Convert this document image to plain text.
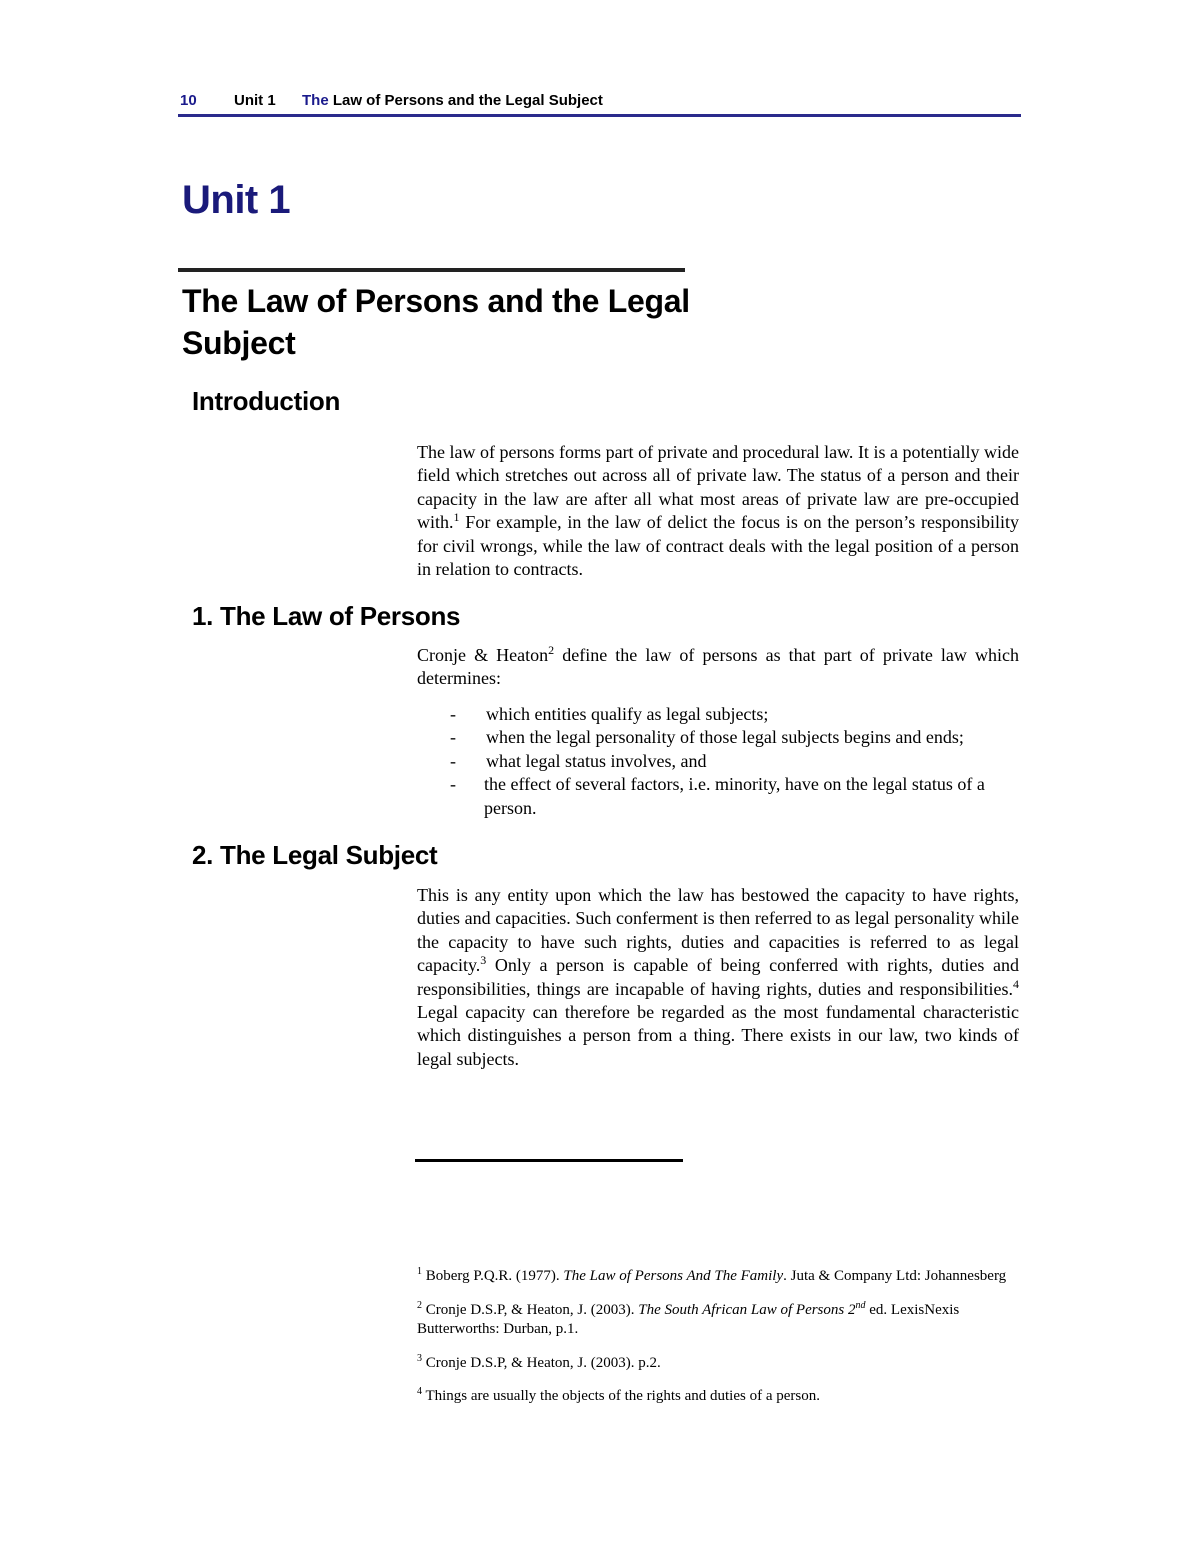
10 Unit 1 The Law of Persons and the Legal Subject
Unit 1
The Law of Persons and the Legal Subject
Introduction
The law of persons forms part of private and procedural law. It is a potentially wide field which stretches out across all of private law. The status of a person and their capacity in the law are after all what most areas of private law are pre-occupied with.$^1$ For example, in the law of delict the focus is on the person’s responsibility for civil wrongs, while the law of contract deals with the legal position of a person in relation to contracts.
1. The Law of Persons
Cronje & Heaton$^2$ define the law of persons as that part of private law which determines:
- which entities qualify as legal subjects;
- when the legal personality of those legal subjects begins and ends;
- what legal status involves, and
- the effect of several factors, i.e. minority, have on the legal status of a person.
2. The Legal Subject
This is any entity upon which the law has bestowed the capacity to have rights, duties and capacities. Such conferment is then referred to as legal personality while the capacity to have such rights, duties and capacities is referred to as legal capacity.$^3$ Only a person is capable of being conferred with rights, duties and responsibilities, things are incapable of having rights, duties and responsibilities.$^4$ Legal capacity can therefore be regarded as the most fundamental characteristic which distinguishes a person from a thing. There exists in our law, two kinds of legal subjects.
$^1$ Boberg P.Q.R. (1977). The Law of Persons And The Family. Juta & Company Ltd: Johannesberg
$^2$ Cronje D.S.P, & Heaton, J. (2003). The South African Law of Persons 2nd ed. LexisNexis Butterworths: Durban, p.1.
$^3$ Cronje D.S.P, & Heaton, J. (2003). p.2.
$^4$ Things are usually the objects of the rights and duties of a person.
